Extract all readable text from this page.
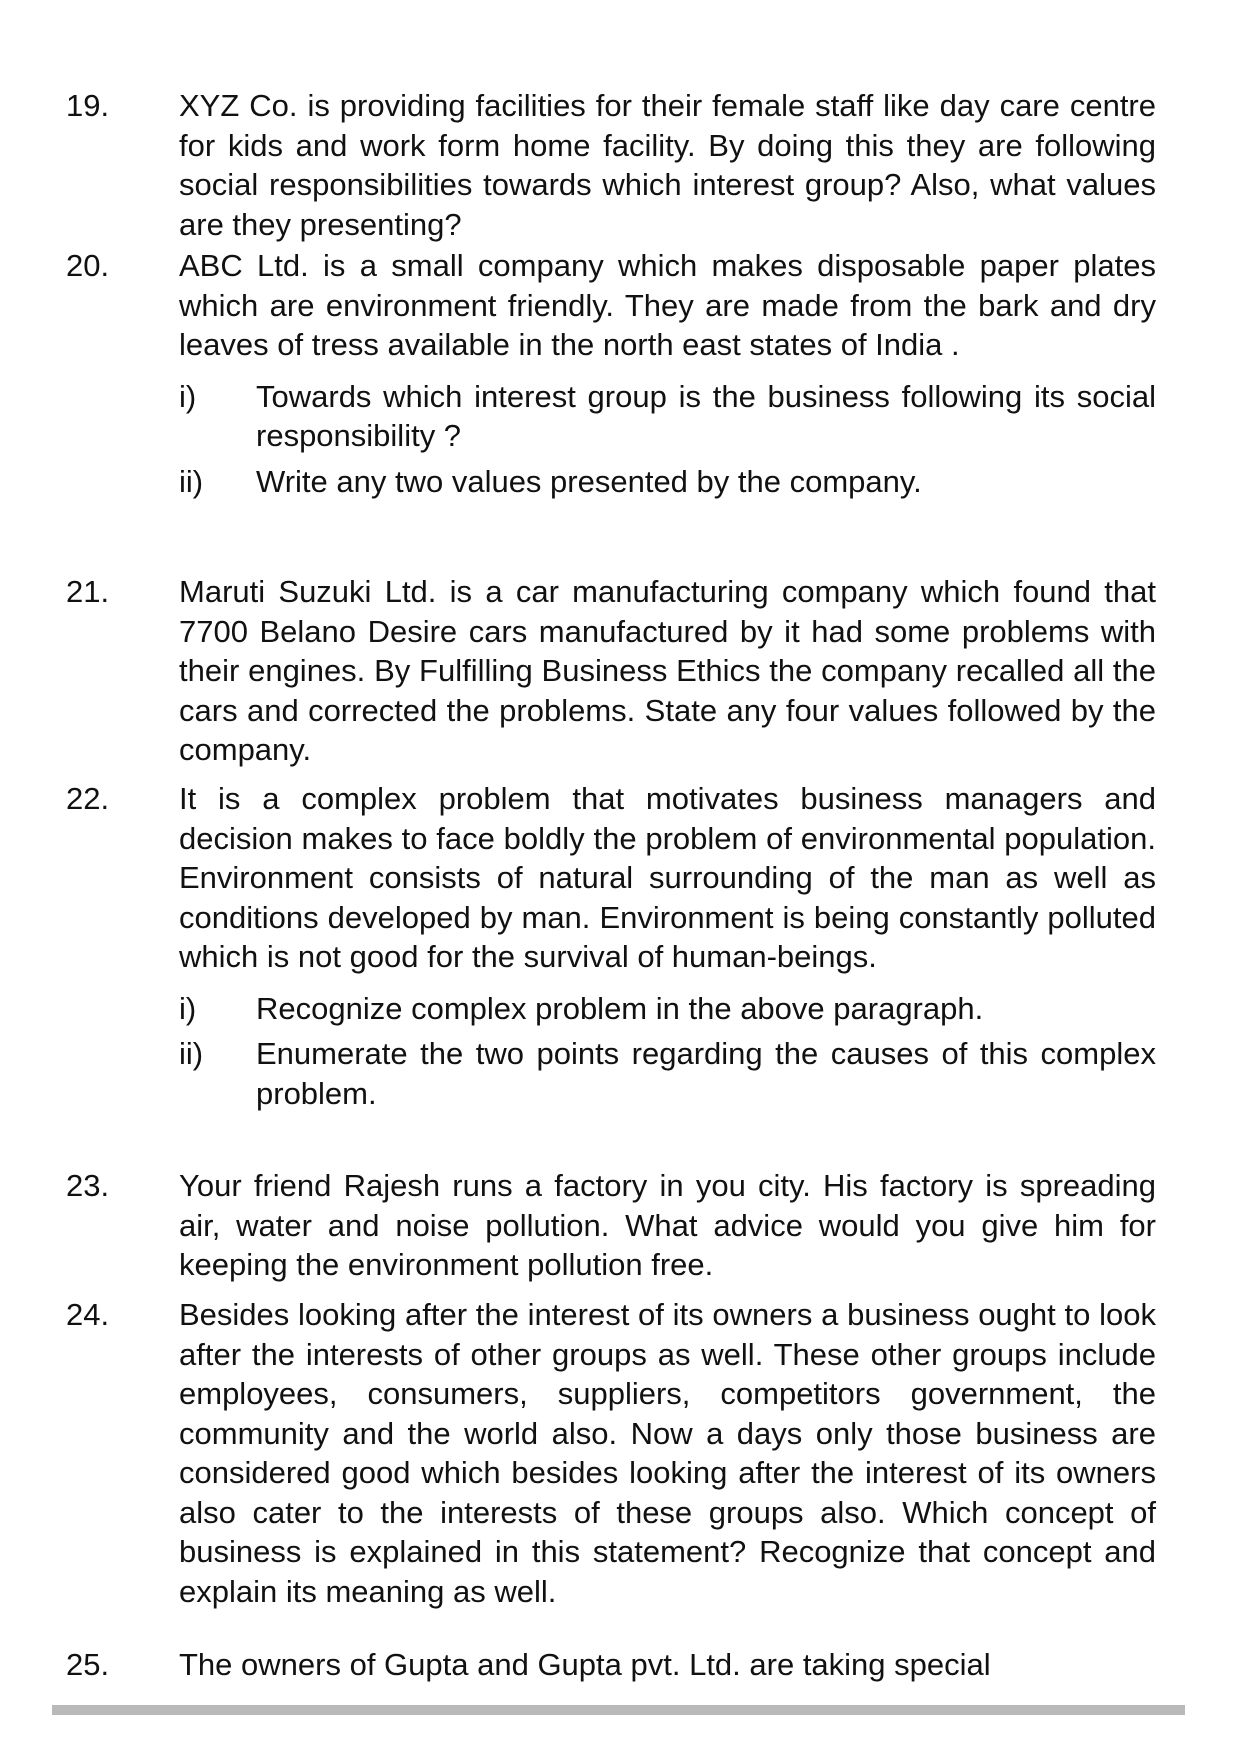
19. XYZ Co. is providing facilities for their female staff like day care centre for kids and work form home facility. By doing this they are following social responsibilities towards which interest group? Also, what values are they presenting?
20. ABC Ltd. is a small company which makes disposable paper plates which are environment friendly. They are made from the bark and dry leaves of tress available in the north east states of India .
i) Towards which interest group is the business following its social responsibility ?
ii) Write any two values presented by the company.
21. Maruti Suzuki Ltd. is a car manufacturing company which found that 7700 Belano Desire cars manufactured by it had some problems with their engines. By Fulfilling Business Ethics the company recalled all the cars and corrected the problems. State any four values followed by the company.
22. It is a complex problem that motivates business managers and decision makes to face boldly the problem of environmental population. Environment consists of natural surrounding of the man as well as conditions developed by man. Environment is being constantly polluted which is not good for the survival of human-beings.
i) Recognize complex problem in the above paragraph.
ii) Enumerate the two points regarding the causes of this complex problem.
23. Your friend Rajesh runs a factory in you city. His factory is spreading air, water and noise pollution. What advice would you give him for keeping the environment pollution free.
24. Besides looking after the interest of its owners a business ought to look after the interests of other groups as well. These other groups include employees, consumers, suppliers, competitors government, the community and the world also. Now a days only those business are considered good which besides looking after the interest of its owners also cater to the interests of these groups also. Which concept of business is explained in this statement? Recognize that concept and explain its meaning as well.
25. The owners of Gupta and Gupta pvt. Ltd. are taking special
